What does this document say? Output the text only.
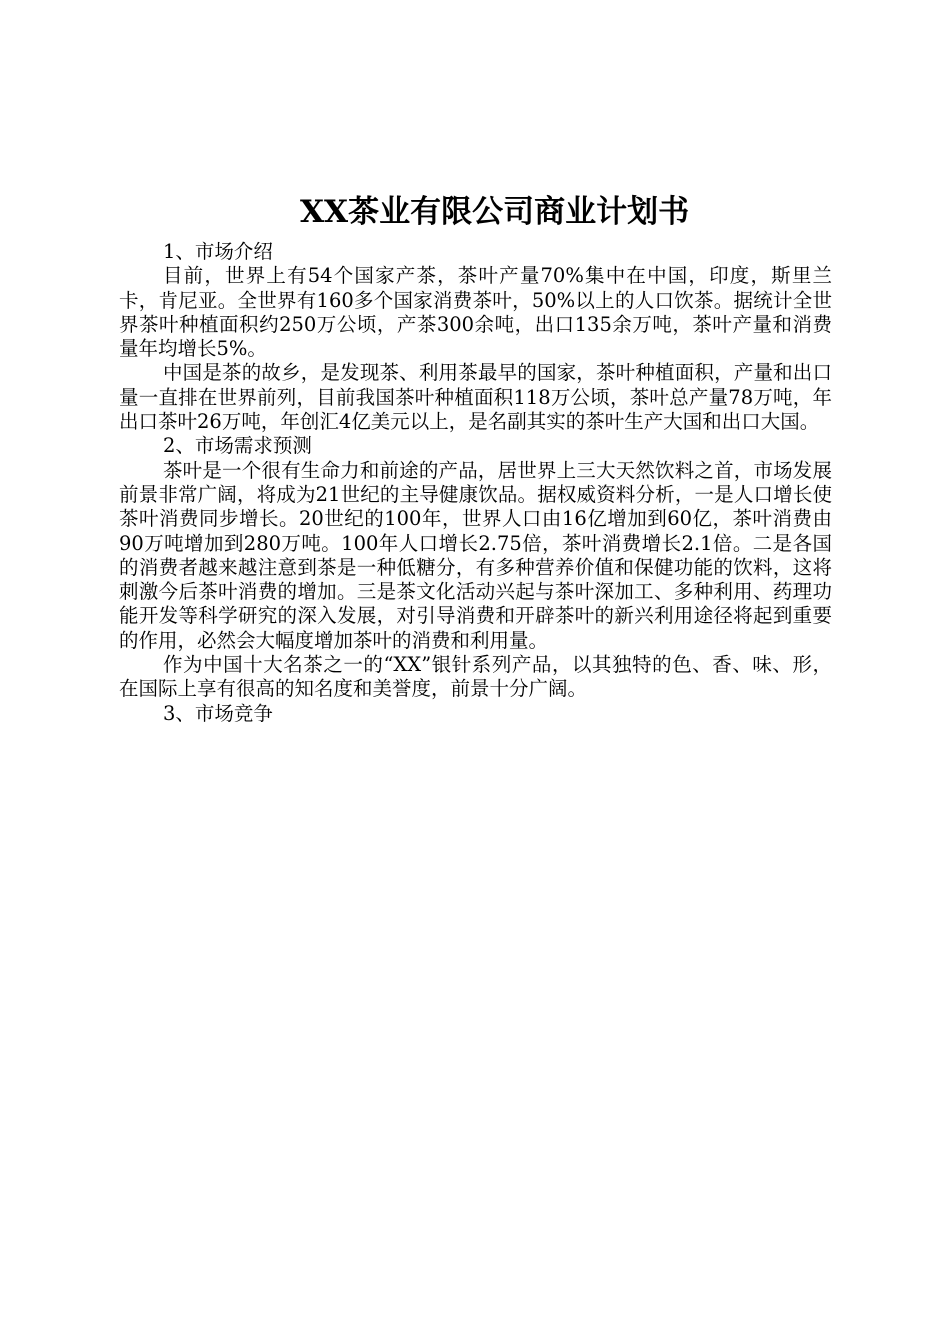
XX茶业有限公司商业计划书

1、市场介绍

目前，世界上有54个国家产茶，茶叶产量70%集中在中国，印度，斯里兰卡，肯尼亚。全世界有160多个国家消费茶叶，50%以上的人口饮茶。据统计全世界茶叶种植面积约250万公顷，产茶300余吨，出口135余万吨，茶叶产量和消费量年均增长5%。

中国是茶的故乡，是发现茶、利用茶最早的国家，茶叶种植面积，产量和出口量一直排在世界前列，目前我国茶叶种植面积118万公顷，茶叶总产量78万吨，年出口茶叶26万吨，年创汇4亿美元以上，是名副其实的茶叶生产大国和出口大国。

2、市场需求预测

茶叶是一个很有生命力和前途的产品，居世界上三大天然饮料之首，市场发展前景非常广阔，将成为21世纪的主导健康饮品。据权威资料分析，一是人口增长使茶叶消费同步增长。20世纪的100年，世界人口由16亿增加到60亿，茶叶消费由90万吨增加到280万吨。100年人口增长2.75倍，茶叶消费增长2.1倍。二是各国的消费者越来越注意到茶是一种低糖分，有多种营养价值和保健功能的饮料，这将刺激今后茶叶消费的增加。三是茶文化活动兴起与茶叶深加工、多种利用、药理功能开发等科学研究的深入发展，对引导消费和开辟茶叶的新兴利用途径将起到重要的作用，必然会大幅度增加茶叶的消费和利用量。

作为中国十大名茶之一的“XX”银针系列产品，以其独特的色、香、味、形，在国际上享有很高的知名度和美誉度，前景十分广阔。

3、市场竞争
